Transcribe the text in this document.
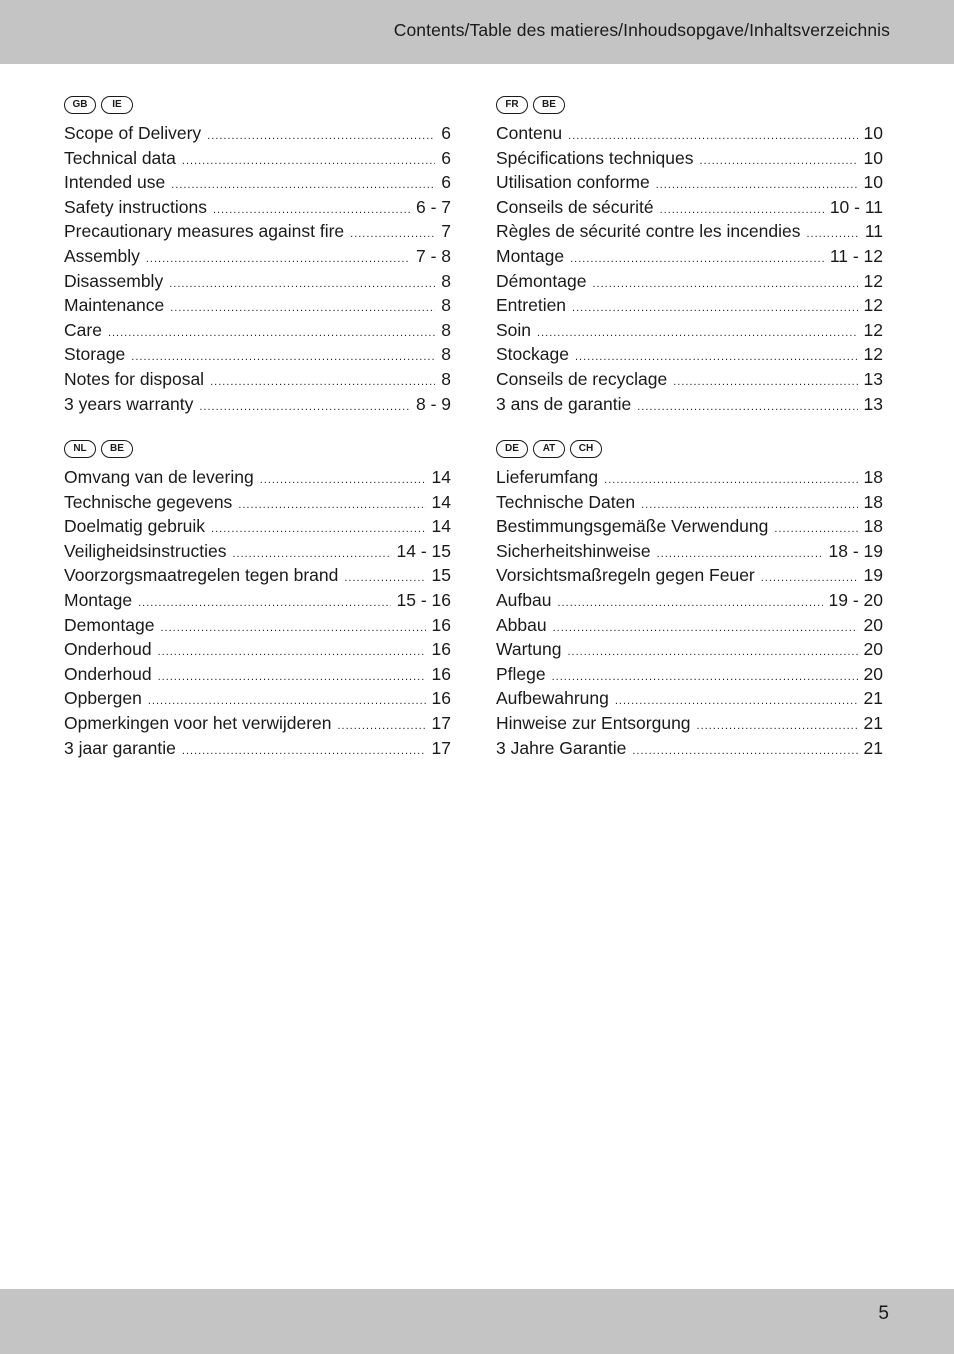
Contents/Table des matieres/Inhoudsopgave/Inhaltsverzeichnis
GB	IE
Scope of Delivery .....	6
Technical data .....	6
Intended use .....	6
Safety instructions .....	6 - 7
Precautionary measures against fire .....	7
Assembly .....	7 - 8
Disassembly .....	8
Maintenance .....	8
Care .....	8
Storage .....	8
Notes for disposal .....	8
3 years warranty .....	8 - 9
FR	BE
Contenu .....	10
Spécifications techniques .....	10
Utilisation conforme .....	10
Conseils de sécurité .....	10 - 11
Règles de sécurité contre les incendies .....	11
Montage .....	11 - 12
Démontage .....	12
Entretien .....	12
Soin .....	12
Stockage .....	12
Conseils de recyclage .....	13
3 ans de garantie .....	13
NL	BE
Omvang van de levering .....	14
Technische gegevens .....	14
Doelmatig gebruik .....	14
Veiligheidsinstructies .....	14 - 15
Voorzorgsmaatregelen tegen brand .....	15
Montage .....	15 - 16
Demontage .....	16
Onderhoud .....	16
Onderhoud .....	16
Opbergen .....	16
Opmerkingen voor het verwijderen .....	17
3 jaar garantie .....	17
DE	AT	CH
Lieferumfang .....	18
Technische Daten .....	18
Bestimmungsgemäße Verwendung .....	18
Sicherheitshinweise .....	18 - 19
Vorsichtsmaßregeln gegen Feuer .....	19
Aufbau .....	19 - 20
Abbau .....	20
Wartung .....	20
Pflege .....	20
Aufbewahrung .....	21
Hinweise zur Entsorgung .....	21
3 Jahre Garantie .....	21
5
